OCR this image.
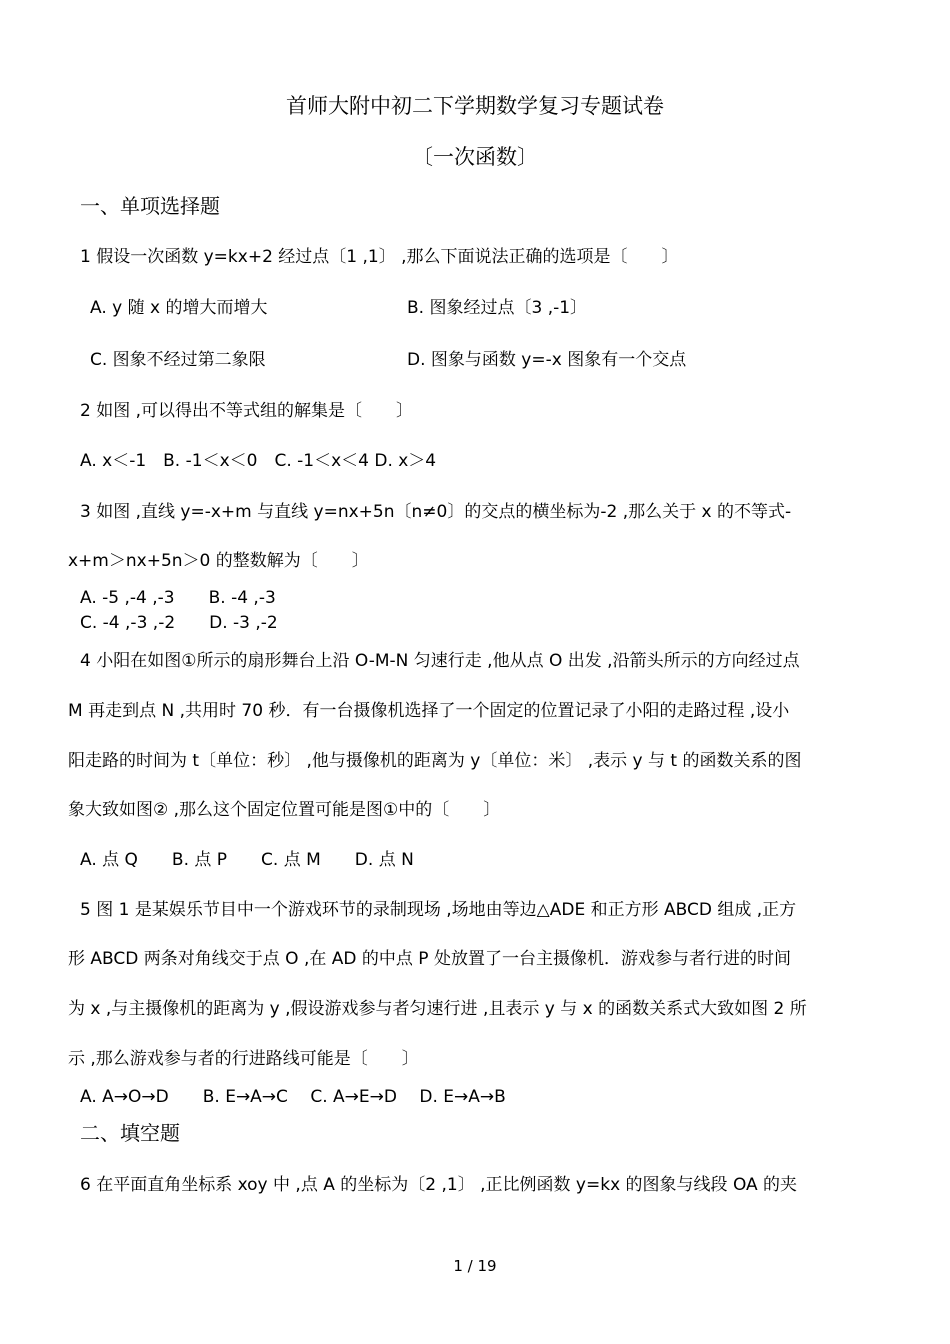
首师大附中初二下学期数学复习专题试卷
〔一次函数〕
一、单项选择题
1 假设一次函数 y=kx+2 经过点〔1 ,1〕 ,那么下面说法正确的选项是〔　　〕
A. y 随 x 的增大而增大	B. 图象经过点〔3 ,-1〕
C. 图象不经过第二象限	D. 图象与函数 y=-x 图象有一个交点
2 如图 ,可以得出不等式组的解集是〔　　〕
A. x＜-1　B. -1＜x＜0　C. -1＜x＜4 D. x＞4
3 如图 ,直线 y=-x+m 与直线 y=nx+5n〔n≠0〕的交点的横坐标为-2 ,那么关于 x 的不等式-
x+m＞nx+5n＞0 的整数解为〔　　〕
A. -5 ,-4 ,-3　　B. -4 ,-3
C. -4 ,-3 ,-2　　D. -3 ,-2
4 小阳在如图①所示的扇形舞台上沿 O-M-N 匀速行走 ,他从点 O 出发 ,沿箭头所示的方向经过点
M 再走到点 N ,共用时 70 秒．有一台摄像机选择了一个固定的位置记录了小阳的走路过程 ,设小
阳走路的时间为 t〔单位：秒〕 ,他与摄像机的距离为 y〔单位：米〕 ,表示 y 与 t 的函数关系的图
象大致如图② ,那么这个固定位置可能是图①中的〔　　〕
A. 点 Q　　B. 点 P　　C. 点 M　　D. 点 N
5 图 1 是某娱乐节目中一个游戏环节的录制现场 ,场地由等边△ADE 和正方形 ABCD 组成 ,正方
形 ABCD 两条对角线交于点 O ,在 AD 的中点 P 处放置了一台主摄像机．游戏参与者行进的时间
为 x ,与主摄像机的距离为 y ,假设游戏参与者匀速行进 ,且表示 y 与 x 的函数关系式大致如图 2 所
示 ,那么游戏参与者的行进路线可能是〔　　〕
A. A→O→D　　B. E→A→C　 C. A→E→D　 D. E→A→B
二、填空题
6 在平面直角坐标系 xoy 中 ,点 A 的坐标为〔2 ,1〕 ,正比例函数 y=kx 的图象与线段 OA 的夹
1 / 19
